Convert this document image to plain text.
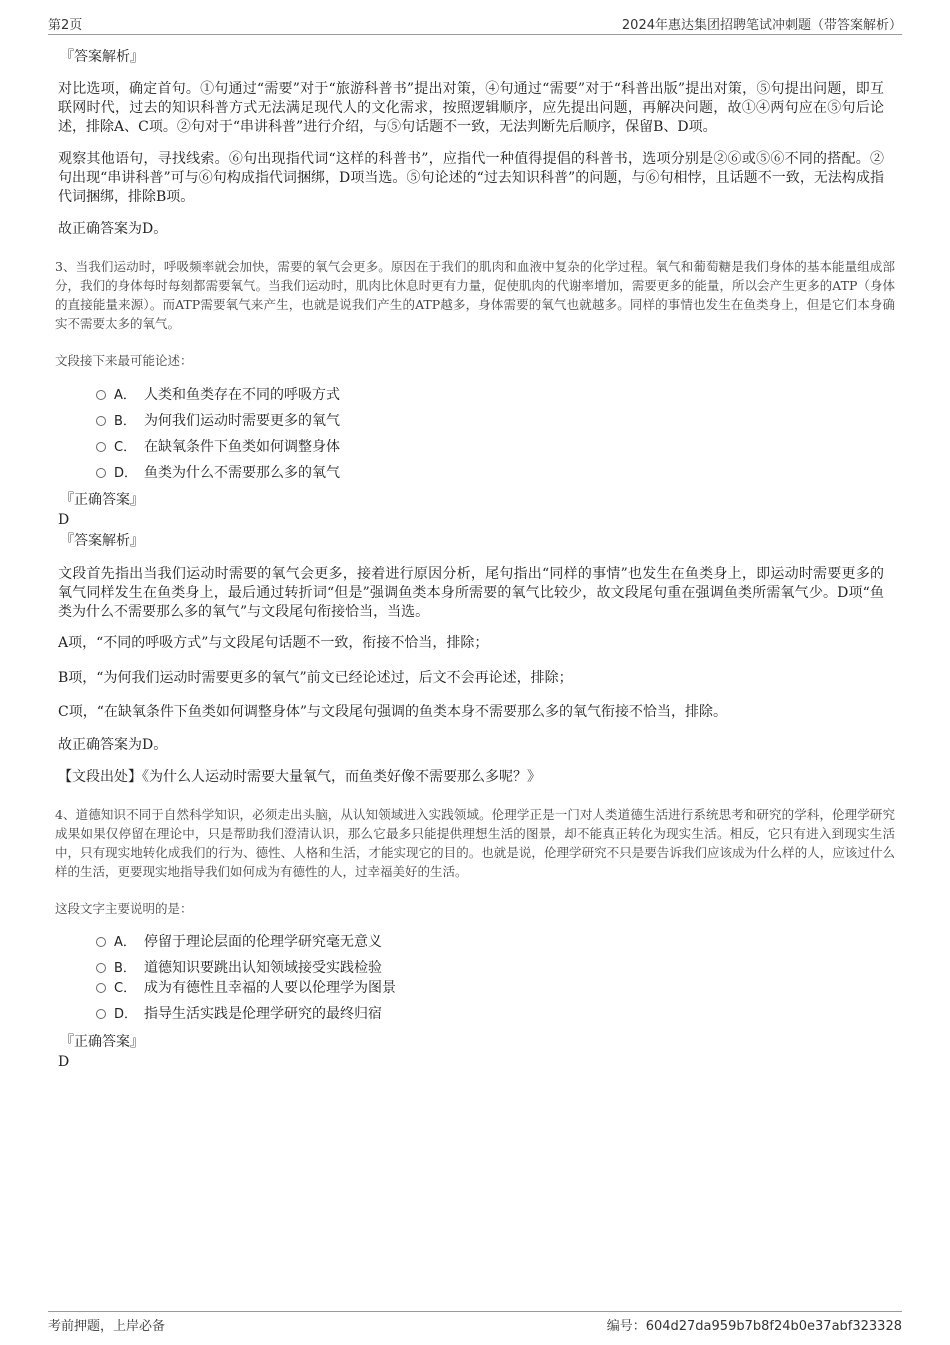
第2页	2024年惠达集团招聘笔试冲刺题（带答案解析）
『答案解析』

对比选项，确定首句。①句通过“需要”对于“旅游科普书”提出对策，④句通过“需要”对于“科普出版”提出对策，⑤句提出问题，即互联网时代，过去的知识科普方式无法满足现代人的文化需求，按照逻辑顺序，应先提出问题，再解决问题，故①④两句应在⑤句后论述，排除A、C项。②句对于“串讲科普”进行介绍，与⑤句话题不一致，无法判断先后顺序，保留B、D项。

观察其他语句，寻找线索。⑥句出现指代词“这样的科普书”，应指代一种值得提倡的科普书，选项分别是②⑥或⑤⑥不同的搭配。②句出现“串讲科普”可与⑥句构成指代词捆绑，D项当选。⑤句论述的“过去知识科普”的问题，与⑥句相悖，且话题不一致，无法构成指代词捆绑，排除B项。

故正确答案为D。

3、当我们运动时，呼吸频率就会加快，需要的氧气会更多。原因在于我们的肌肉和血液中复杂的化学过程。氧气和葡萄糖是我们身体的基本能量组成部分，我们的身体每时每刻都需要氧气。当我们运动时，肌肉比休息时更有力量，促使肌肉的代谢率增加，需要更多的能量，所以会产生更多的ATP（身体的直接能量来源）。而ATP需要氧气来产生，也就是说我们产生的ATP越多，身体需要的氧气也就越多。同样的事情也发生在鱼类身上，但是它们本身确实不需要太多的氧气。

文段接下来最可能论述：
A． 人类和鱼类存在不同的呼吸方式
B． 为何我们运动时需要更多的氧气
C． 在缺氧条件下鱼类如何调整身体
D． 鱼类为什么不需要那么多的氧气
『正确答案』
D
『答案解析』

文段首先指出当我们运动时需要的氧气会更多，接着进行原因分析，尾句指出“同样的事情”也发生在鱼类身上，即运动时需要更多的氧气同样发生在鱼类身上，最后通过转折词“但是”强调鱼类本身所需要的氧气比较少，故文段尾句重在强调鱼类所需氧气少。D项“鱼类为什么不需要那么多的氧气”与文段尾句衔接恰当，当选。

A项，“不同的呼吸方式”与文段尾句话题不一致，衔接不恰当，排除；
B项，“为何我们运动时需要更多的氧气”前文已经论述过，后文不会再论述，排除；
C项，“在缺氧条件下鱼类如何调整身体”与文段尾句强调的鱼类本身不需要那么多的氧气衔接不恰当，排除。
故正确答案为D。
【文段出处】《为什么人运动时需要大量氧气，而鱼类好像不需要那么多呢？》

4、道德知识不同于自然科学知识，必须走出头脑，从认知领域进入实践领域。伦理学正是一门对人类道德生活进行系统思考和研究的学科，伦理学研究成果如果仅停留在理论中，只是帮助我们澄清认识，那么它最多只能提供理想生活的图景，却不能真正转化为现实生活。相反，它只有进入到现实生活中，只有现实地转化成我们的行为、德性、人格和生活，才能实现它的目的。也就是说，伦理学研究不只是要告诉我们应该成为什么样的人，应该过什么样的生活，更要现实地指导我们如何成为有德性的人，过幸福美好的生活。

这段文字主要说明的是：
A． 停留于理论层面的伦理学研究毫无意义
B． 道德知识要跳出认知领域接受实践检验
C． 成为有德性且幸福的人要以伦理学为图景
D． 指导生活实践是伦理学研究的最终归宿
『正确答案』
D
考前押题，上岸必备	编号：604d27da959b7b8f24b0e37abf323328
